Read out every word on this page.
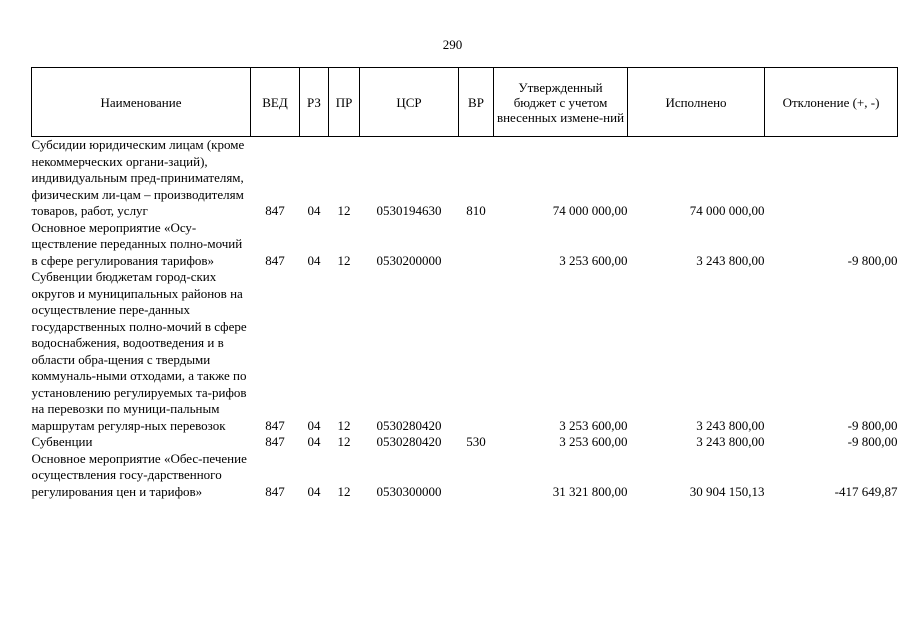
290
Наименование	ВЕД	РЗ	ПР	ЦСР	ВР	Утвержденный бюджет с учетом внесенных измене-ний	Исполнено	Отклонение (+, -)
Субсидии юридическим лицам (кроме некоммерческих органи-заций), индивидуальным пред-принимателям, физическим ли-цам – производителям товаров, работ, услуг	847	04	12	0530194630	810	74 000 000,00	74 000 000,00	
Основное мероприятие «Осу-ществление переданных полно-мочий в сфере регулирования тарифов»	847	04	12	0530200000		3 253 600,00	3 243 800,00	-9 800,00
Субвенции бюджетам город-ских округов и муниципальных районов на осуществление пере-данных государственных полно-мочий в сфере водоснабжения, водоотведения и в области обра-щения с твердыми коммуналь-ными отходами, а также по установлению регулируемых та-рифов на перевозки по муници-пальным маршрутам регуляр-ных перевозок	847	04	12	0530280420		3 253 600,00	3 243 800,00	-9 800,00
Субвенции	847	04	12	0530280420	530	3 253 600,00	3 243 800,00	-9 800,00
Основное мероприятие «Обес-печение осуществления госу-дарственного регулирования цен и тарифов»	847	04	12	0530300000		31 321 800,00	30 904 150,13	-417 649,87
